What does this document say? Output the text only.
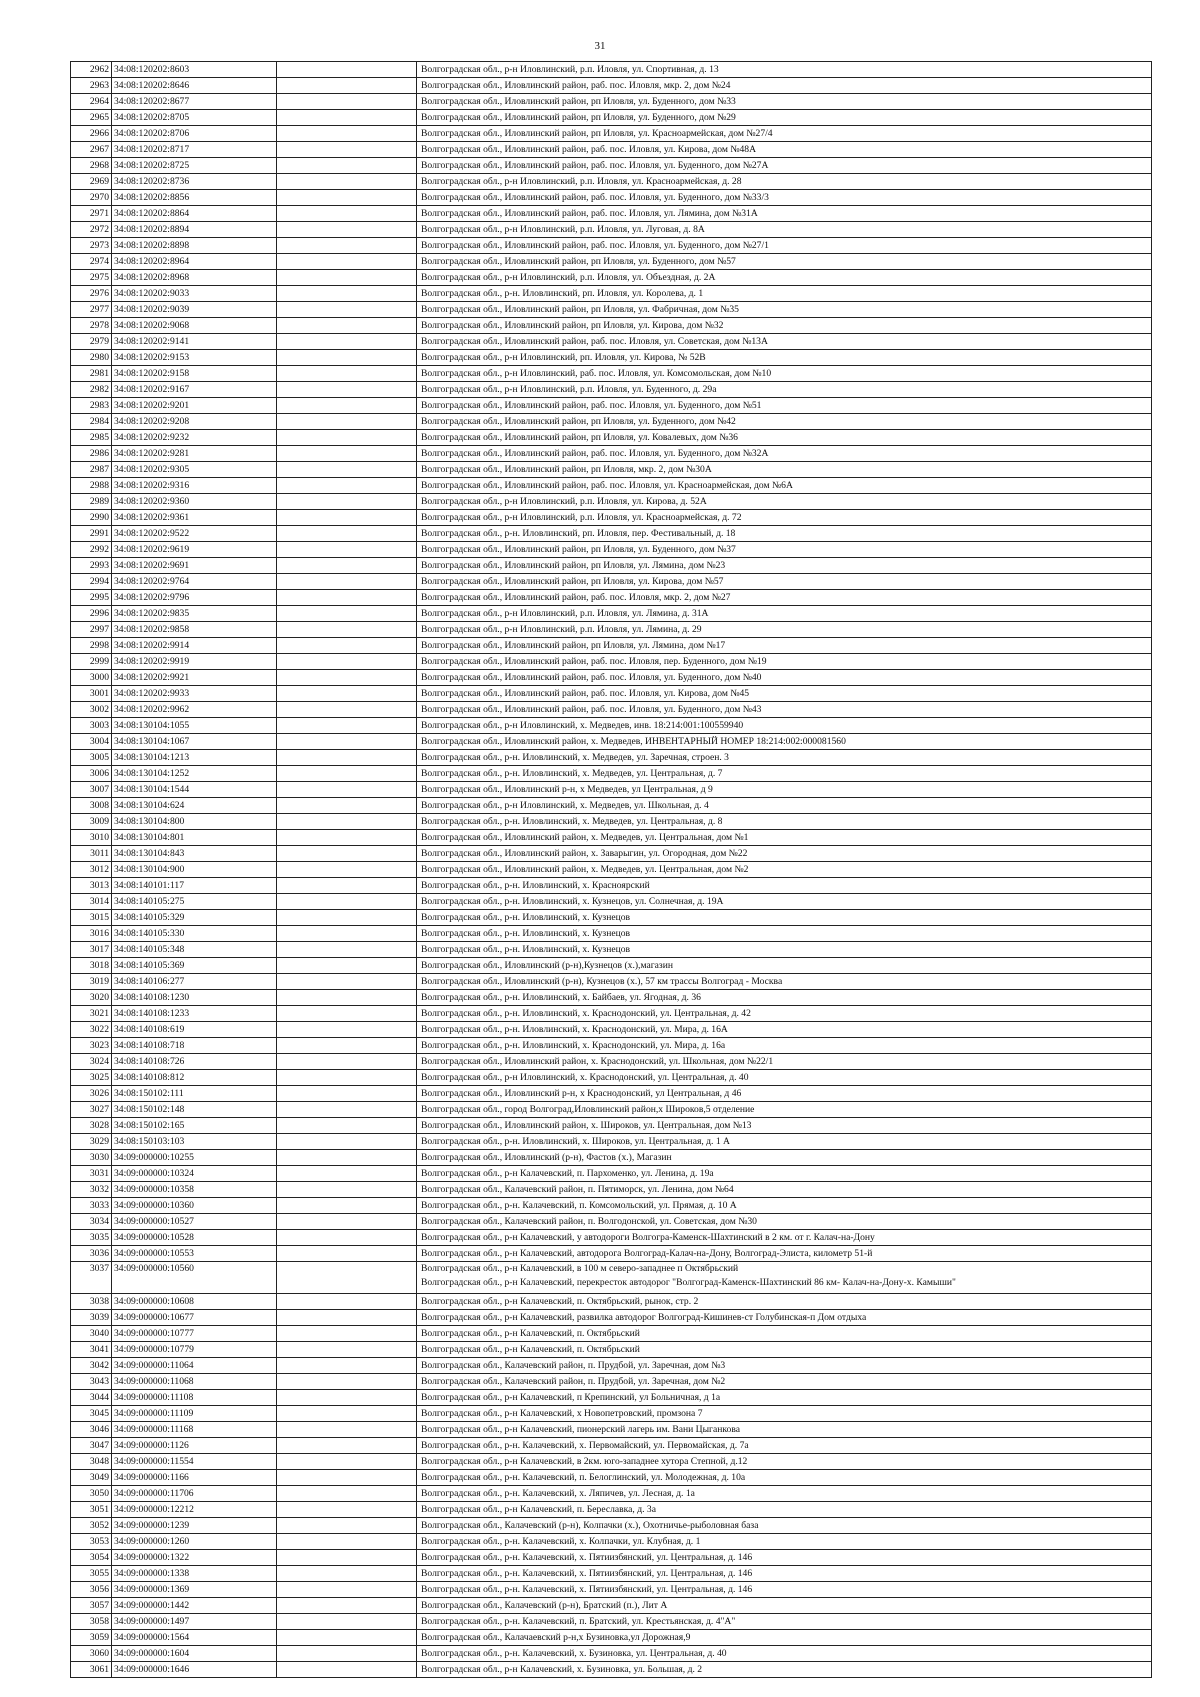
31
2962	34:08:120202:8603		Волгоградская обл., р-н Иловлинский, р.п. Иловля, ул. Спортивная, д. 13
2963	34:08:120202:8646		Волгоградская обл., Иловлинский район, раб. пос. Иловля, мкр. 2, дом №24
2964	34:08:120202:8677		Волгоградская обл., Иловлинский район, рп Иловля, ул. Буденного, дом №33
2965	34:08:120202:8705		Волгоградская обл., Иловлинский район, рп Иловля, ул. Буденного, дом №29
2966	34:08:120202:8706		Волгоградская обл., Иловлинский район, рп Иловля, ул. Красноармейская, дом №27/4
2967	34:08:120202:8717		Волгоградская обл., Иловлинский район, раб. пос. Иловля, ул. Кирова, дом №48А
2968	34:08:120202:8725		Волгоградская обл., Иловлинский район, раб. пос. Иловля, ул. Буденного, дом №27А
2969	34:08:120202:8736		Волгоградская обл., р-н Иловлинский, р.п. Иловля, ул. Красноармейская, д. 28
2970	34:08:120202:8856		Волгоградская обл., Иловлинский район, раб. пос. Иловля, ул. Буденного, дом №33/3
2971	34:08:120202:8864		Волгоградская обл., Иловлинский район, раб. пос. Иловля, ул. Лямина, дом №31А
2972	34:08:120202:8894		Волгоградская обл., р-н Иловлинский, р.п. Иловля, ул. Луговая, д. 8А
2973	34:08:120202:8898		Волгоградская обл., Иловлинский район, раб. пос. Иловля, ул. Буденного, дом №27/1
2974	34:08:120202:8964		Волгоградская обл., Иловлинский район, рп Иловля, ул. Буденного, дом №57
2975	34:08:120202:8968		Волгоградская обл., р-н Иловлинский, р.п. Иловля, ул. Объездная, д. 2А
2976	34:08:120202:9033		Волгоградская обл., р-н. Иловлинский, рп. Иловля, ул. Королева, д. 1
2977	34:08:120202:9039		Волгоградская обл., Иловлинский район, рп Иловля, ул. Фабричная, дом №35
2978	34:08:120202:9068		Волгоградская обл., Иловлинский район, рп Иловля, ул. Кирова, дом №32
2979	34:08:120202:9141		Волгоградская обл., Иловлинский район, раб. пос. Иловля, ул. Советская, дом №13А
2980	34:08:120202:9153		Волгоградская обл., р-н Иловлинский, рп. Иловля, ул. Кирова, № 52В
2981	34:08:120202:9158		Волгоградская обл., р-н Иловлинский, раб. пос. Иловля, ул. Комсомольская, дом №10
2982	34:08:120202:9167		Волгоградская обл., р-н Иловлинский, р.п. Иловля, ул. Буденного, д. 29а
2983	34:08:120202:9201		Волгоградская обл., Иловлинский район, раб. пос. Иловля, ул. Буденного, дом №51
2984	34:08:120202:9208		Волгоградская обл., Иловлинский район, рп Иловля, ул. Буденного, дом №42
2985	34:08:120202:9232		Волгоградская обл., Иловлинский район, рп Иловля, ул. Ковалевых, дом №36
2986	34:08:120202:9281		Волгоградская обл., Иловлинский район, раб. пос. Иловля, ул. Буденного, дом №32А
2987	34:08:120202:9305		Волгоградская обл., Иловлинский район, рп Иловля, мкр. 2, дом №30А
2988	34:08:120202:9316		Волгоградская обл., Иловлинский район, раб. пос. Иловля, ул. Красноармейская, дом №6А
2989	34:08:120202:9360		Волгоградская обл., р-н Иловлинский, р.п. Иловля, ул. Кирова, д. 52А
2990	34:08:120202:9361		Волгоградская обл., р-н Иловлинский, р.п. Иловля, ул. Красноармейская, д. 72
2991	34:08:120202:9522		Волгоградская обл., р-н. Иловлинский, рп. Иловля, пер. Фестивальный, д. 18
2992	34:08:120202:9619		Волгоградская обл., Иловлинский район, рп Иловля, ул. Буденного, дом №37
2993	34:08:120202:9691		Волгоградская обл., Иловлинский район, рп Иловля, ул. Лямина, дом №23
2994	34:08:120202:9764		Волгоградская обл., Иловлинский район, рп Иловля, ул. Кирова, дом №57
2995	34:08:120202:9796		Волгоградская обл., Иловлинский район, раб. пос. Иловля, мкр. 2, дом №27
2996	34:08:120202:9835		Волгоградская обл., р-н Иловлинский, р.п. Иловля, ул. Лямина, д. 31А
2997	34:08:120202:9858		Волгоградская обл., р-н Иловлинский, р.п. Иловля, ул. Лямина, д. 29
2998	34:08:120202:9914		Волгоградская обл., Иловлинский район, рп Иловля, ул. Лямина, дом №17
2999	34:08:120202:9919		Волгоградская обл., Иловлинский район, раб. пос. Иловля, пер. Буденного, дом №19
3000	34:08:120202:9921		Волгоградская обл., Иловлинский район, раб. пос. Иловля, ул. Буденного, дом №40
3001	34:08:120202:9933		Волгоградская обл., Иловлинский район, раб. пос. Иловля, ул. Кирова, дом №45
3002	34:08:120202:9962		Волгоградская обл., Иловлинский район, раб. пос. Иловля, ул. Буденного, дом №43
3003	34:08:130104:1055		Волгоградская обл., р-н Иловлинский, х. Медведев, инв. 18:214:001:100559940
3004	34:08:130104:1067		Волгоградская обл., Иловлинский район, х. Медведев, ИНВЕНТАРНЫЙ НОМЕР 18:214:002:000081560
3005	34:08:130104:1213		Волгоградская обл., р-н. Иловлинский, х. Медведев, ул. Заречная, строен. 3
3006	34:08:130104:1252		Волгоградская обл., р-н. Иловлинский, х. Медведев, ул. Центральная, д. 7
3007	34:08:130104:1544		Волгоградская обл., Иловлинский р-н, х Медведев, ул Центральная, д 9
3008	34:08:130104:624		Волгоградская обл., р-н Иловлинский, х. Медведев, ул. Школьная, д. 4
3009	34:08:130104:800		Волгоградская обл., р-н. Иловлинский, х. Медведев, ул. Центральная, д. 8
3010	34:08:130104:801		Волгоградская обл., Иловлинский район, х. Медведев, ул. Центральная, дом №1
3011	34:08:130104:843		Волгоградская обл., Иловлинский район, х. Заварыгин, ул. Огородная, дом №22
3012	34:08:130104:900		Волгоградская обл., Иловлинский район, х. Медведев, ул. Центральная, дом №2
3013	34:08:140101:117		Волгоградская обл., р-н. Иловлинский, х. Красноярский
3014	34:08:140105:275		Волгоградская обл., р-н. Иловлинский, х. Кузнецов, ул. Солнечная, д. 19А
3015	34:08:140105:329		Волгоградская обл., р-н. Иловлинский, х. Кузнецов
3016	34:08:140105:330		Волгоградская обл., р-н. Иловлинский, х. Кузнецов
3017	34:08:140105:348		Волгоградская обл., р-н. Иловлинский, х. Кузнецов
3018	34:08:140105:369		Волгоградская обл., Иловлинский (р-н),Кузнецов (х.),магазин
3019	34:08:140106:277		Волгоградская обл., Иловлинский (р-н), Кузнецов (х.), 57 км трассы Волгоград - Москва
3020	34:08:140108:1230		Волгоградская обл., р-н. Иловлинский, х. Байбаев, ул. Ягодная, д. 36
3021	34:08:140108:1233		Волгоградская обл., р-н. Иловлинский, х. Краснодонский, ул. Центральная, д. 42
3022	34:08:140108:619		Волгоградская обл., р-н. Иловлинский, х. Краснодонский, ул. Мира, д. 16А
3023	34:08:140108:718		Волгоградская обл., р-н. Иловлинский, х. Краснодонский, ул. Мира, д. 16а
3024	34:08:140108:726		Волгоградская обл., Иловлинский район, х. Краснодонский, ул. Школьная, дом №22/1
3025	34:08:140108:812		Волгоградская обл., р-н Иловлинский, х. Краснодонский, ул. Центральная, д. 40
3026	34:08:150102:111		Волгоградская обл., Иловлинский р-н, х Краснодонский, ул Центральная, д 46
3027	34:08:150102:148		Волгоградская обл., город Волгоград,Иловлинский район,х Широков,5 отделение
3028	34:08:150102:165		Волгоградская обл., Иловлинский район, х. Широков, ул. Центральная, дом №13
3029	34:08:150103:103		Волгоградская обл., р-н. Иловлинский, х. Широков, ул. Центральная, д. 1 А
3030	34:09:000000:10255		Волгоградская обл., Иловлинский (р-н), Фастов (х.), Магазин
3031	34:09:000000:10324		Волгоградская обл., р-н Калачевский, п. Пархоменко, ул. Ленина, д. 19а
3032	34:09:000000:10358		Волгоградская обл., Калачевский район, п. Пятиморск, ул. Ленина, дом №64
3033	34:09:000000:10360		Волгоградская обл., р-н. Калачевский, п. Комсомольский, ул. Прямая, д. 10 А
3034	34:09:000000:10527		Волгоградская обл., Калачевский район, п. Волгодонской, ул. Советская, дом №30
3035	34:09:000000:10528		Волгоградская обл., р-н Калачевский, у автодороги Волгогра-Каменск-Шахтинский в 2 км. от г. Калач-на-Дону
3036	34:09:000000:10553		Волгоградская обл., р-н Калачевский, автодорога Волгоград-Калач-на-Дону, Волгоград-Элиста, километр 51-й
3037	34:09:000000:10560		Волгоградская обл., р-н Калачевский, в 100 м северо-западнее п Октябрьский
Волгоградская обл., р-н Калачевский, перекресток автодорог "Волгоград-Каменск-Шахтинский 86 км- Калач-на-Дону-х. Камыши"
3038	34:09:000000:10608		Волгоградская обл., р-н Калачевский, п. Октябрьский, рынок, стр. 2
3039	34:09:000000:10677		Волгоградская обл., р-н Калачевский, развилка автодорог Волгоград-Кишинев-ст Голубинская-п Дом отдыха
3040	34:09:000000:10777		Волгоградская обл., р-н Калачевский, п. Октябрьский
3041	34:09:000000:10779		Волгоградская обл., р-н Калачевский, п. Октябрьский
3042	34:09:000000:11064		Волгоградская обл., Калачевский район, п. Прудбой, ул. Заречная, дом №3
3043	34:09:000000:11068		Волгоградская обл., Калачевский район, п. Прудбой, ул. Заречная, дом №2
3044	34:09:000000:11108		Волгоградская обл., р-н Калачевский, п Крепинский, ул Больничная, д 1а
3045	34:09:000000:11109		Волгоградская обл., р-н Калачевский, х Новопетровский, промзона 7
3046	34:09:000000:11168		Волгоградская обл., р-н Калачевский, пионерский лагерь им. Вани Цыганкова
3047	34:09:000000:1126		Волгоградская обл., р-н. Калачевский, х. Первомайский, ул. Первомайская, д. 7а
3048	34:09:000000:11554		Волгоградская обл., р-н Калачевский, в 2км. юго-западнее хутора Степной, д.12
3049	34:09:000000:1166		Волгоградская обл., р-н. Калачевский, п. Белоглинский, ул. Молодежная, д. 10а
3050	34:09:000000:11706		Волгоградская обл., р-н. Калачевский, х. Ляпичев, ул. Лесная, д. 1а
3051	34:09:000000:12212		Волгоградская обл., р-н Калачевский, п. Береславка, д. 3а
3052	34:09:000000:1239		Волгоградская обл., Калачевский (р-н), Колпачки (х.), Охотничье-рыболовная база
3053	34:09:000000:1260		Волгоградская обл., р-н. Калачевский, х. Колпачки, ул. Клубная, д. 1
3054	34:09:000000:1322		Волгоградская обл., р-н. Калачевский, х. Пятиизбянский, ул. Центральная, д. 146
3055	34:09:000000:1338		Волгоградская обл., р-н. Калачевский, х. Пятиизбянский, ул. Центральная, д. 146
3056	34:09:000000:1369		Волгоградская обл., р-н. Калачевский, х. Пятиизбянский, ул. Центральная, д. 146
3057	34:09:000000:1442		Волгоградская обл., Калачевский (р-н), Братский (п.), Лит А
3058	34:09:000000:1497		Волгоградская обл., р-н. Калачевский, п. Братский, ул. Крестьянская, д. 4"А"
3059	34:09:000000:1564		Волгоградская обл., Калачаевский р-н,х Бузиновка,ул Дорожная,9
3060	34:09:000000:1604		Волгоградская обл., р-н. Калачевский, х. Бузиновка, ул. Центральная, д. 40
3061	34:09:000000:1646		Волгоградская обл., р-н Калачевский, х. Бузиновка, ул. Большая, д. 2
